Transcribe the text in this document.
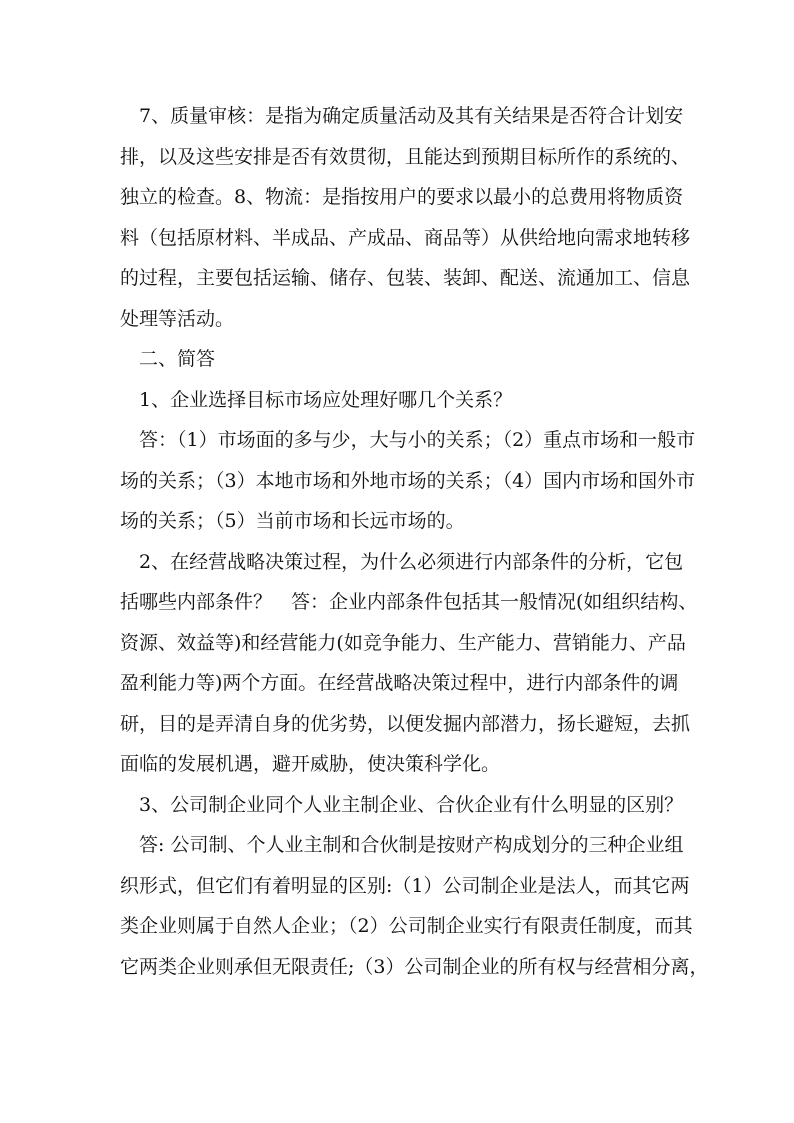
　7、质量审核：是指为确定质量活动及其有关结果是否符合计划安
排，以及这些安排是否有效贯彻，且能达到预期目标所作的系统的、
独立的检查。8、物流：是指按用户的要求以最小的总费用将物质资
料（包括原材料、半成品、产成品、商品等）从供给地向需求地转移
的过程，主要包括运输、储存、包装、装卸、配送、流通加工、信息
处理等活动。
　二、简答
　1、企业选择目标市场应处理好哪几个关系？
　答：（1）市场面的多与少，大与小的关系；（2）重点市场和一般市
场的关系；（3）本地市场和外地市场的关系；（4）国内市场和国外市
场的关系；（5）当前市场和长远市场的。
　2、在经营战略决策过程，为什么必须进行内部条件的分析，它包
括哪些内部条件？　答：企业内部条件包括其一般情况(如组织结构、
资源、效益等)和经营能力(如竞争能力、生产能力、营销能力、产品
盈利能力等)两个方面。在经营战略决策过程中，进行内部条件的调
研，目的是弄清自身的优劣势，以便发掘内部潜力，扬长避短，去抓
面临的发展机遇，避开威胁，使决策科学化。
　3、公司制企业同个人业主制企业、合伙企业有什么明显的区别？
　答: 公司制、个人业主制和合伙制是按财产构成划分的三种企业组
织形式，但它们有着明显的区别:（1）公司制企业是法人，而其它两
类企业则属于自然人企业；（2）公司制企业实行有限责任制度，而其
它两类企业则承但无限责任;（3）公司制企业的所有权与经营相分离，
